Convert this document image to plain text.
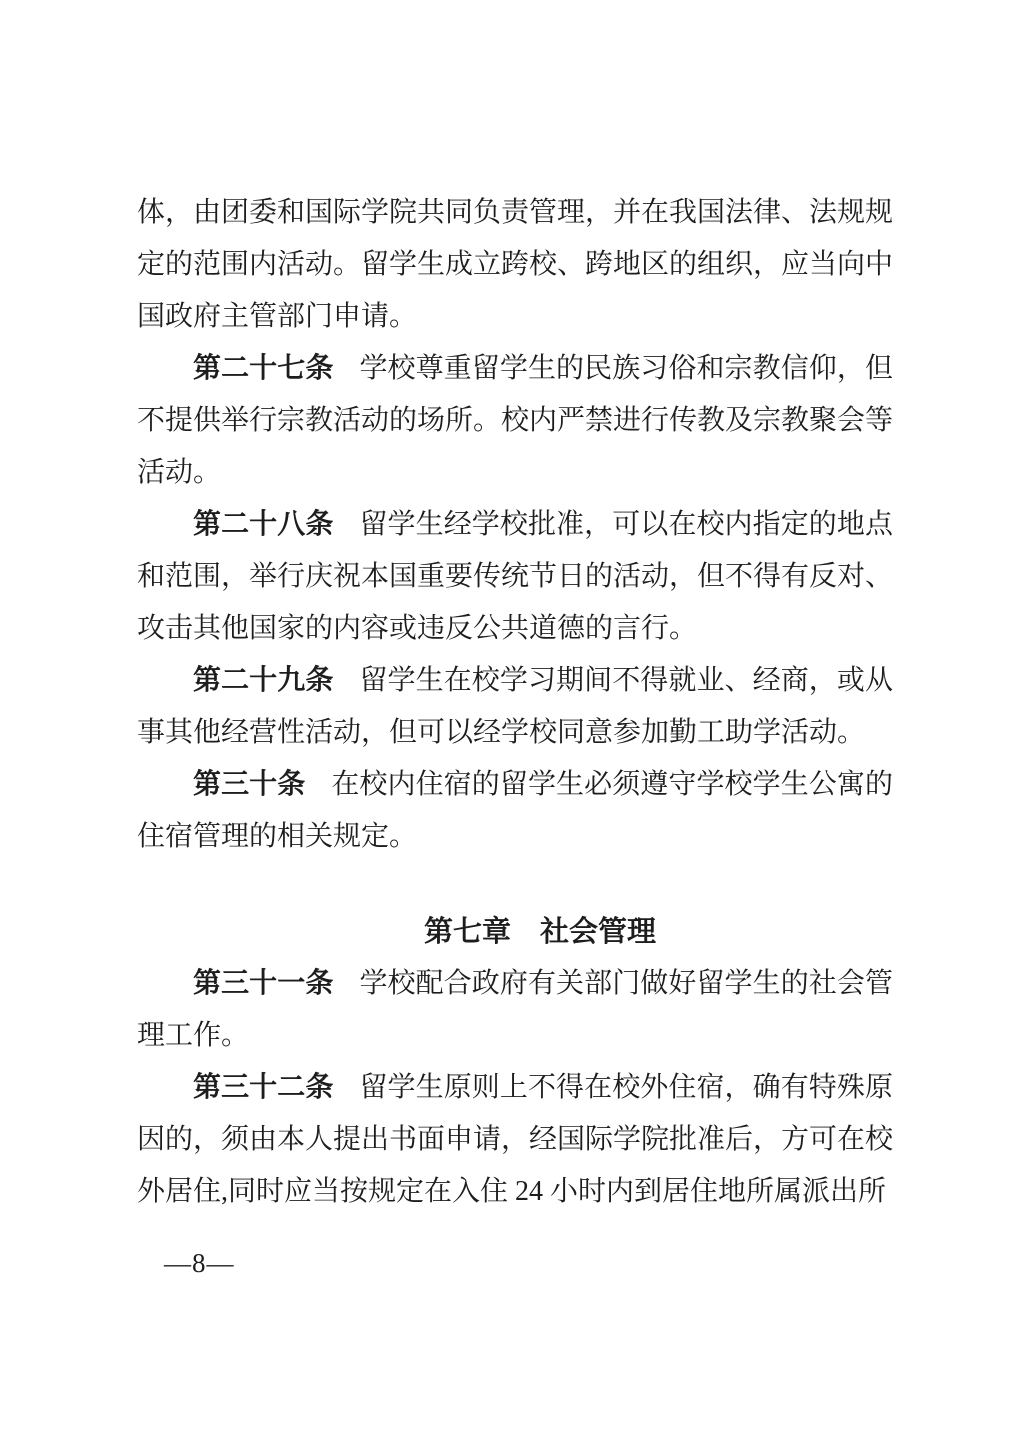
体，由团委和国际学院共同负责管理，并在我国法律、法规规定的范围内活动。留学生成立跨校、跨地区的组织，应当向中国政府主管部门申请。

第二十七条 学校尊重留学生的民族习俗和宗教信仰，但不提供举行宗教活动的场所。校内严禁进行传教及宗教聚会等活动。

第二十八条 留学生经学校批准，可以在校内指定的地点和范围，举行庆祝本国重要传统节日的活动，但不得有反对、攻击其他国家的内容或违反公共道德的言行。

第二十九条 留学生在校学习期间不得就业、经商，或从事其他经营性活动，但可以经学校同意参加勤工助学活动。

第三十条 在校内住宿的留学生必须遵守学校学生公寓的住宿管理的相关规定。

第七章　社会管理

第三十一条 学校配合政府有关部门做好留学生的社会管理工作。

第三十二条 留学生原则上不得在校外住宿，确有特殊原因的，须由本人提出书面申请，经国际学院批准后，方可在校外居住,同时应当按规定在入住 24 小时内到居住地所属派出所

—8—
